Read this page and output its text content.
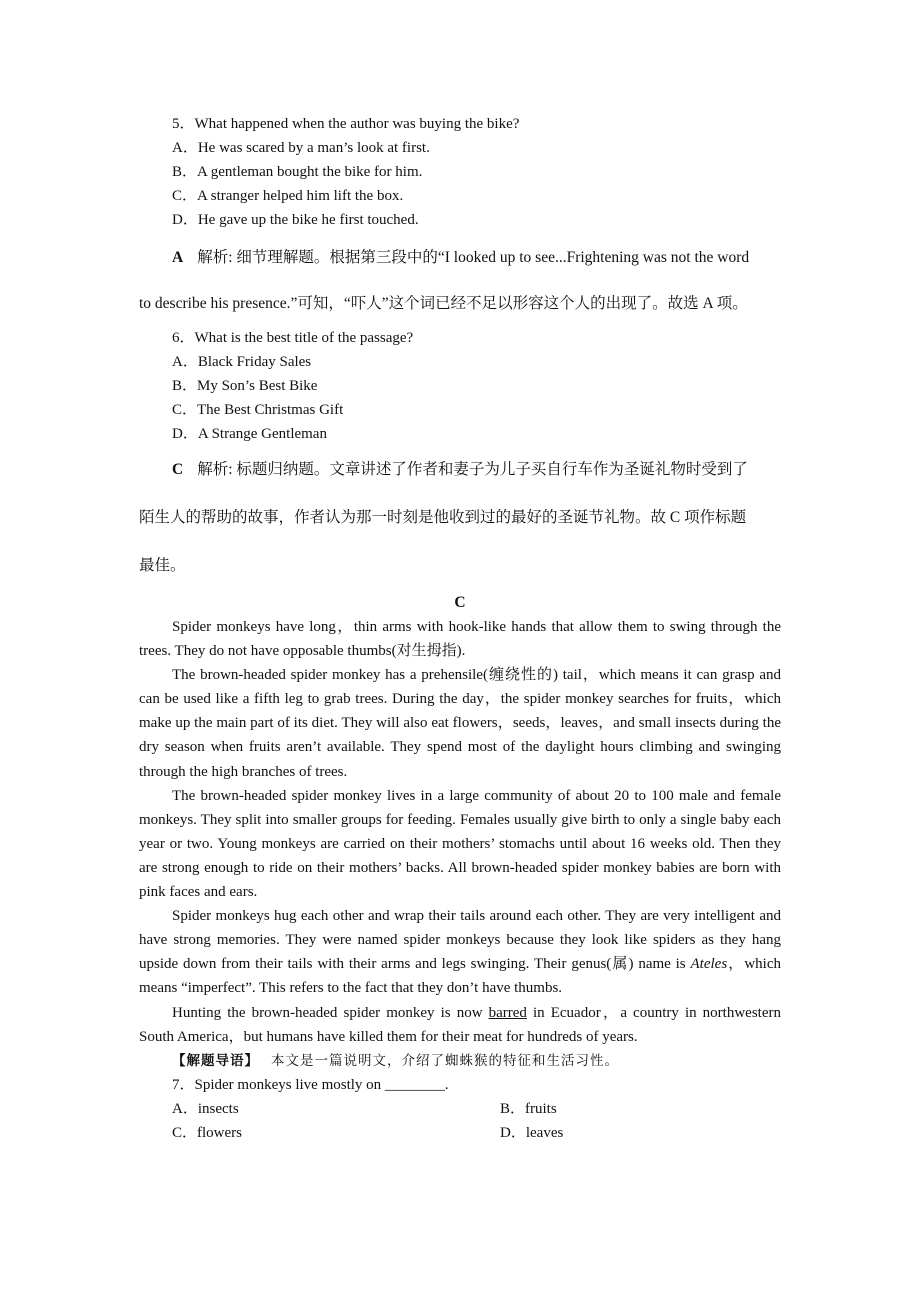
5．What happened when the author was buying the bike?

A．He was scared by a man’s look at first.

B．A gentleman bought the bike for him.

C．A stranger helped him lift the box.

D．He gave up the bike he first touched.

A 解析: 细节理解题。根据第三段中的“I looked up to see...Frightening was not the word

to describe his presence.”可知，“吓人”这个词已经不足以形容这个人的出现了。故选 A 项。

6．What is the best title of the passage?

A．Black Friday Sales

B．My Son’s Best Bike

C．The Best Christmas Gift

D．A Strange Gentleman

C 解析: 标题归纳题。文章讲述了作者和妻子为儿子买自行车作为圣诞礼物时受到了

陌生人的帮助的故事，作者认为那一时刻是他收到过的最好的圣诞节礼物。故 C 项作标题

最佳。

C

Spider monkeys have long，thin arms with hook-like hands that allow them to swing through the trees. They do not have opposable thumbs(对生拇指).

The brown-headed spider monkey has a prehensile(缠绕性的) tail，which means it can grasp and can be used like a fifth leg to grab trees. During the day，the spider monkey searches for fruits，which make up the main part of its diet. They will also eat flowers，seeds，leaves，and small insects during the dry season when fruits aren’t available. They spend most of the daylight hours climbing and swinging through the high branches of trees.

The brown-headed spider monkey lives in a large community of about 20 to 100 male and female monkeys. They split into smaller groups for feeding. Females usually give birth to only a single baby each year or two. Young monkeys are carried on their mothers’ stomachs until about 16 weeks old. Then they are strong enough to ride on their mothers’ backs. All brown-headed spider monkey babies are born with pink faces and ears.

Spider monkeys hug each other and wrap their tails around each other. They are very intelligent and have strong memories. They were named spider monkeys because they look like spiders as they hang upside down from their tails with their arms and legs swinging. Their genus(属) name is Ateles，which means “imperfect”. This refers to the fact that they don’t have thumbs.

Hunting the brown-headed spider monkey is now barred in Ecuador，a country in northwestern South America，but humans have killed them for their meat for hundreds of years.

【解题导语】 本文是一篇说明文，介绍了蜘蛛猴的特征和生活习性。

7．Spider monkeys live mostly on ________.

A．insects	B．fruits
C．flowers	D．leaves
